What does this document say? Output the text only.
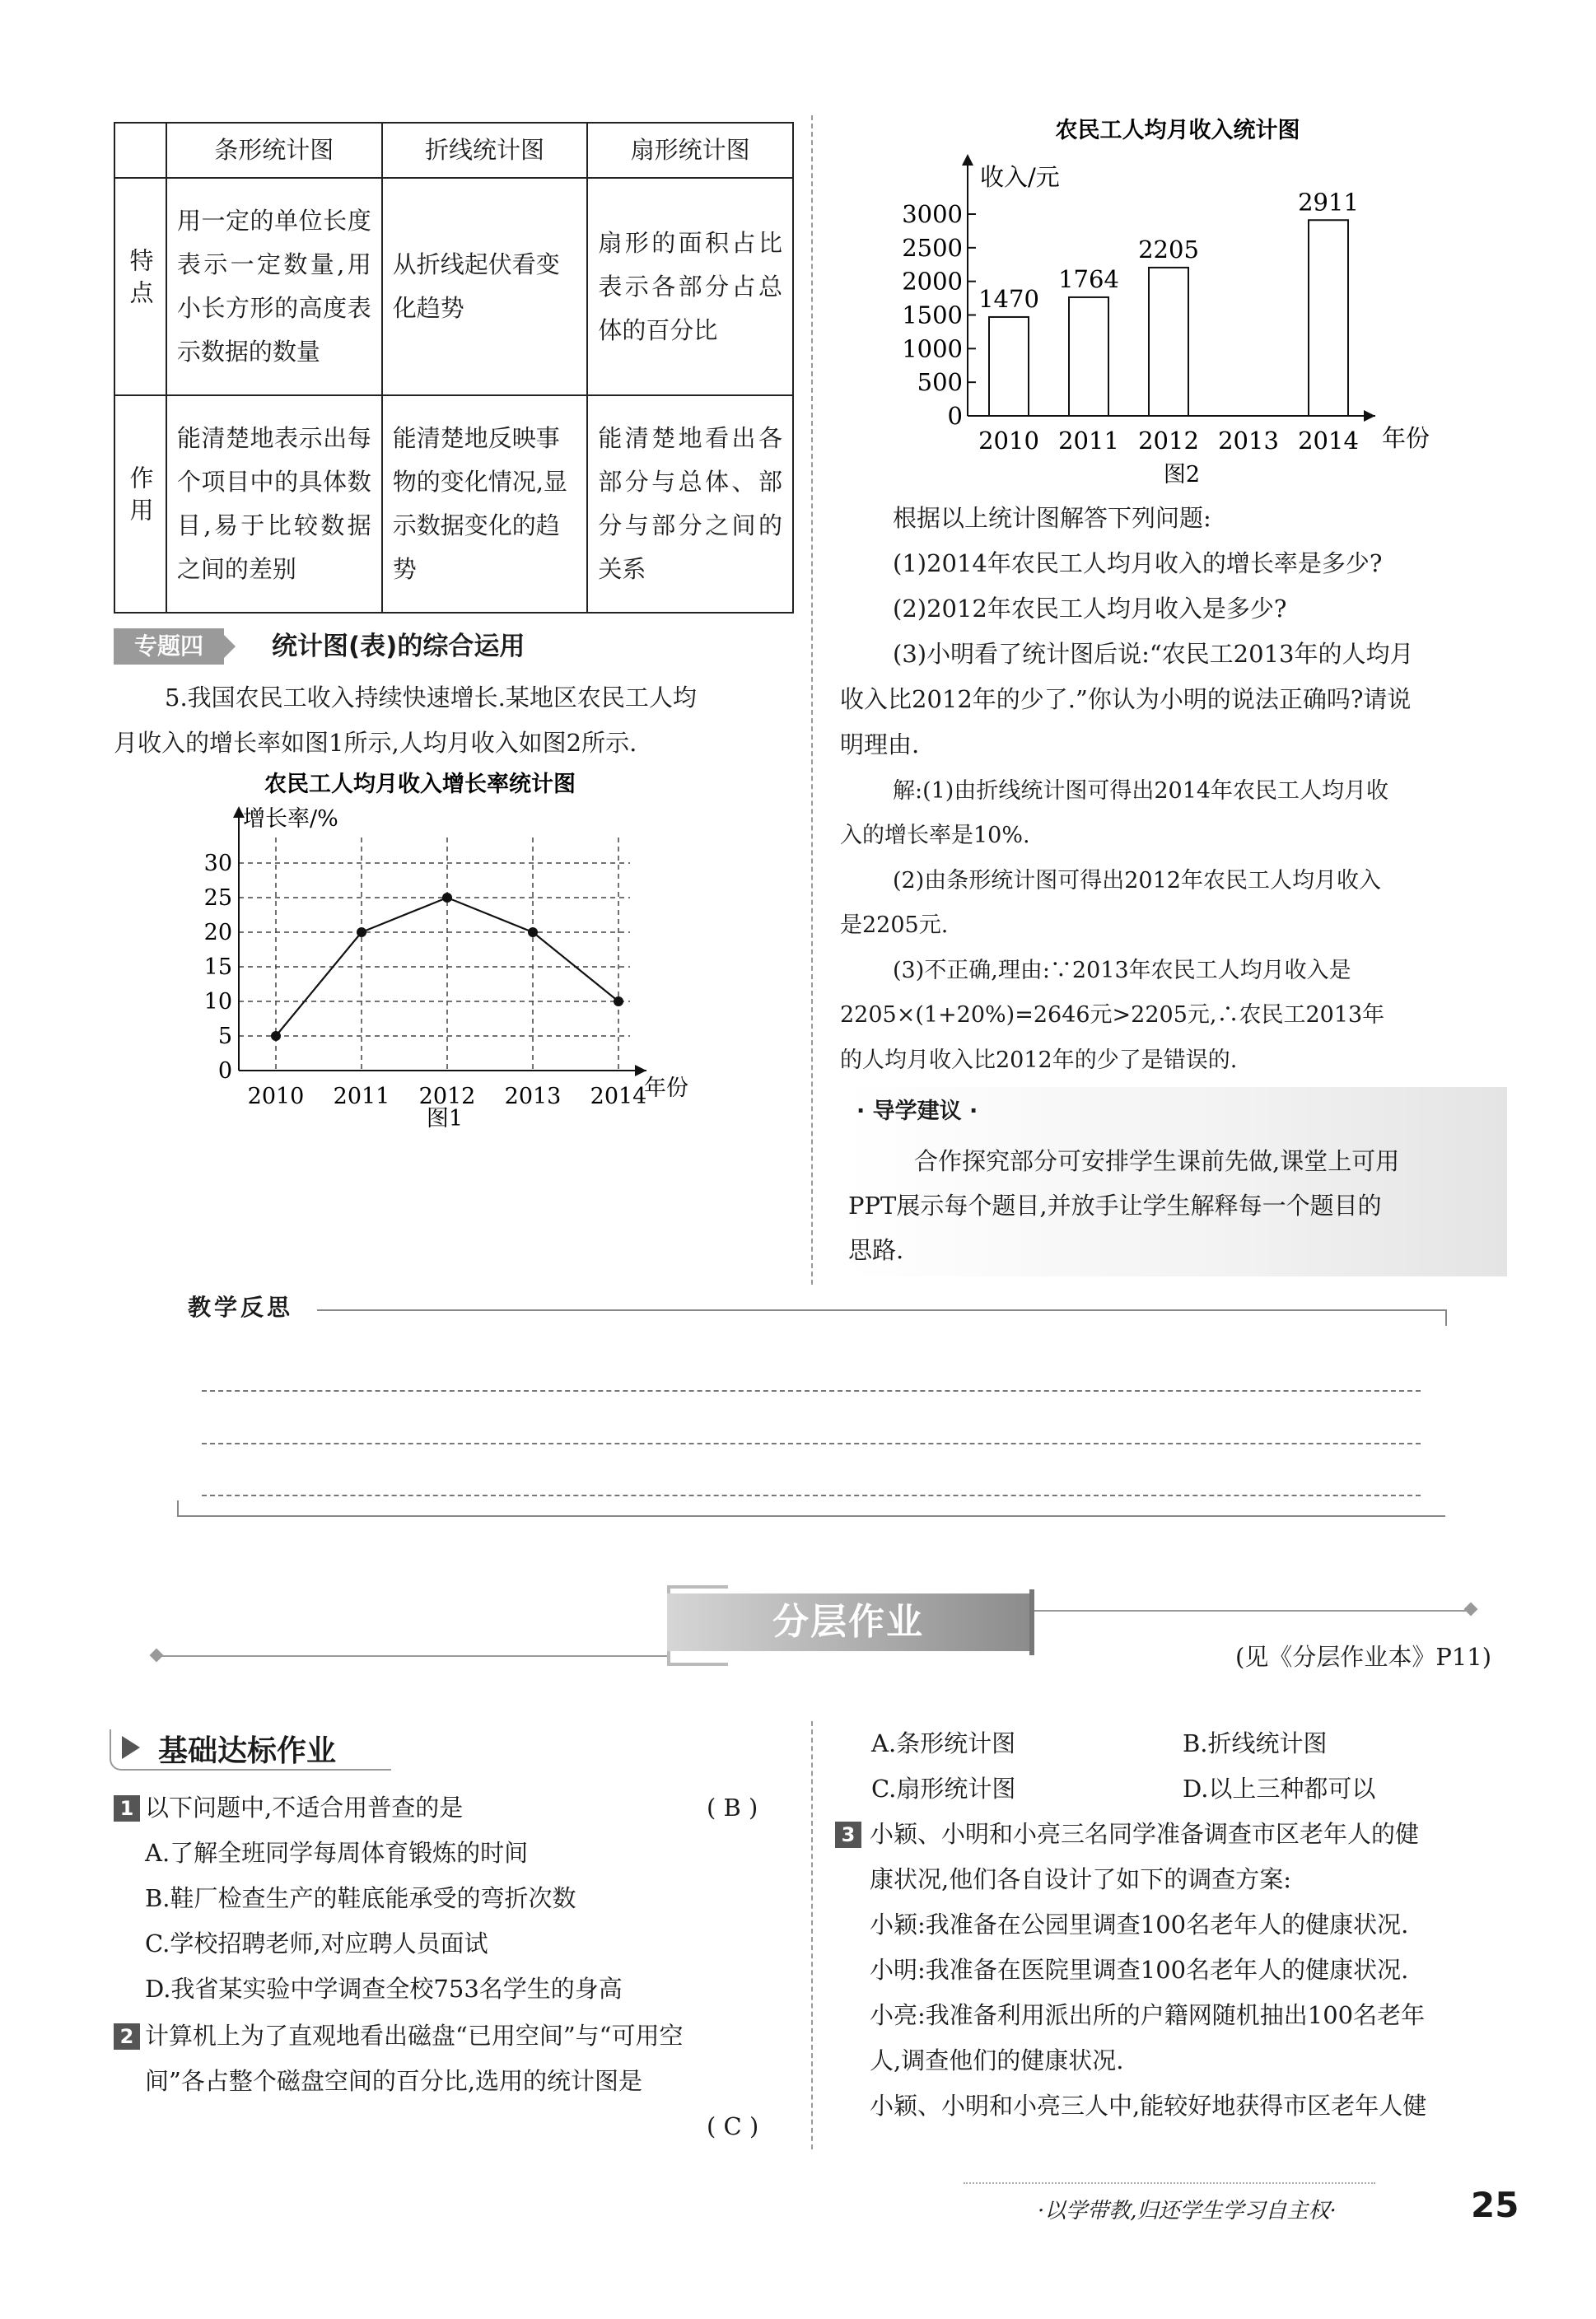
	条形统计图	折线统计图	扇形统计图
特点	用一定的单位长度表示一定数量,用小长方形的高度表示数据的数量	从折线起伏看变化趋势	扇形的面积占比表示各部分占总体的百分比
作用	能清楚地表示出每个项目中的具体数目,易于比较数据之间的差别	能清楚地反映事物的变化情况,显示数据变化的趋势	能清楚地看出各部分与总体、部分与部分之间的关系
专题四	统计图(表)的综合运用
5.我国农民工收入持续快速增长.某地区农民工人均
月收入的增长率如图1所示,人均月收入如图2所示.
农民工人均月收入增长率统计图
增长率/%
年份
图1
0
5
10
15
20
25
30
2010 2011 2012 2013 2014
农民工人均月收入统计图
收入/元
年份
图2
0
500
1000
1500
2000
2500
3000
2010
1470
2011
1764
2012
2205
2013 2014
2911
根据以上统计图解答下列问题:
(1)2014年农民工人均月收入的增长率是多少?
(2)2012年农民工人均月收入是多少?
(3)小明看了统计图后说:“农民工2013年的人均月
收入比2012年的少了.”你认为小明的说法正确吗?请说
明理由.
解:(1)由折线统计图可得出2014年农民工人均月收
入的增长率是10%.
(2)由条形统计图可得出2012年农民工人均月收入
是2205元.
(3)不正确,理由:∵2013年农民工人均月收入是
2205×(1+20%)=2646元>2205元,∴农民工2013年
的人均月收入比2012年的少了是错误的.
· 导学建议 ·
合作探究部分可安排学生课前先做,课堂上可用
PPT展示每个题目,并放手让学生解释每一个题目的
思路.
教学反思
分层作业
(见《分层作业本》P11)
基础达标作业
1 以下问题中,不适合用普查的是	( B )
A.了解全班同学每周体育锻炼的时间
B.鞋厂检查生产的鞋底能承受的弯折次数
C.学校招聘老师,对应聘人员面试
D.我省某实验中学调查全校753名学生的身高
2 计算机上为了直观地看出磁盘“已用空间”与“可用空
间”各占整个磁盘空间的百分比,选用的统计图是
( C )
A.条形统计图	B.折线统计图
C.扇形统计图	D.以上三种都可以
3 小颖、小明和小亮三名同学准备调查市区老年人的健
康状况,他们各自设计了如下的调查方案:
小颖:我准备在公园里调查100名老年人的健康状况.
小明:我准备在医院里调查100名老年人的健康状况.
小亮:我准备利用派出所的户籍网随机抽出100名老年
人,调查他们的健康状况.
小颖、小明和小亮三人中,能较好地获得市区老年人健
·以学带教,归还学生学习自主权·	25
